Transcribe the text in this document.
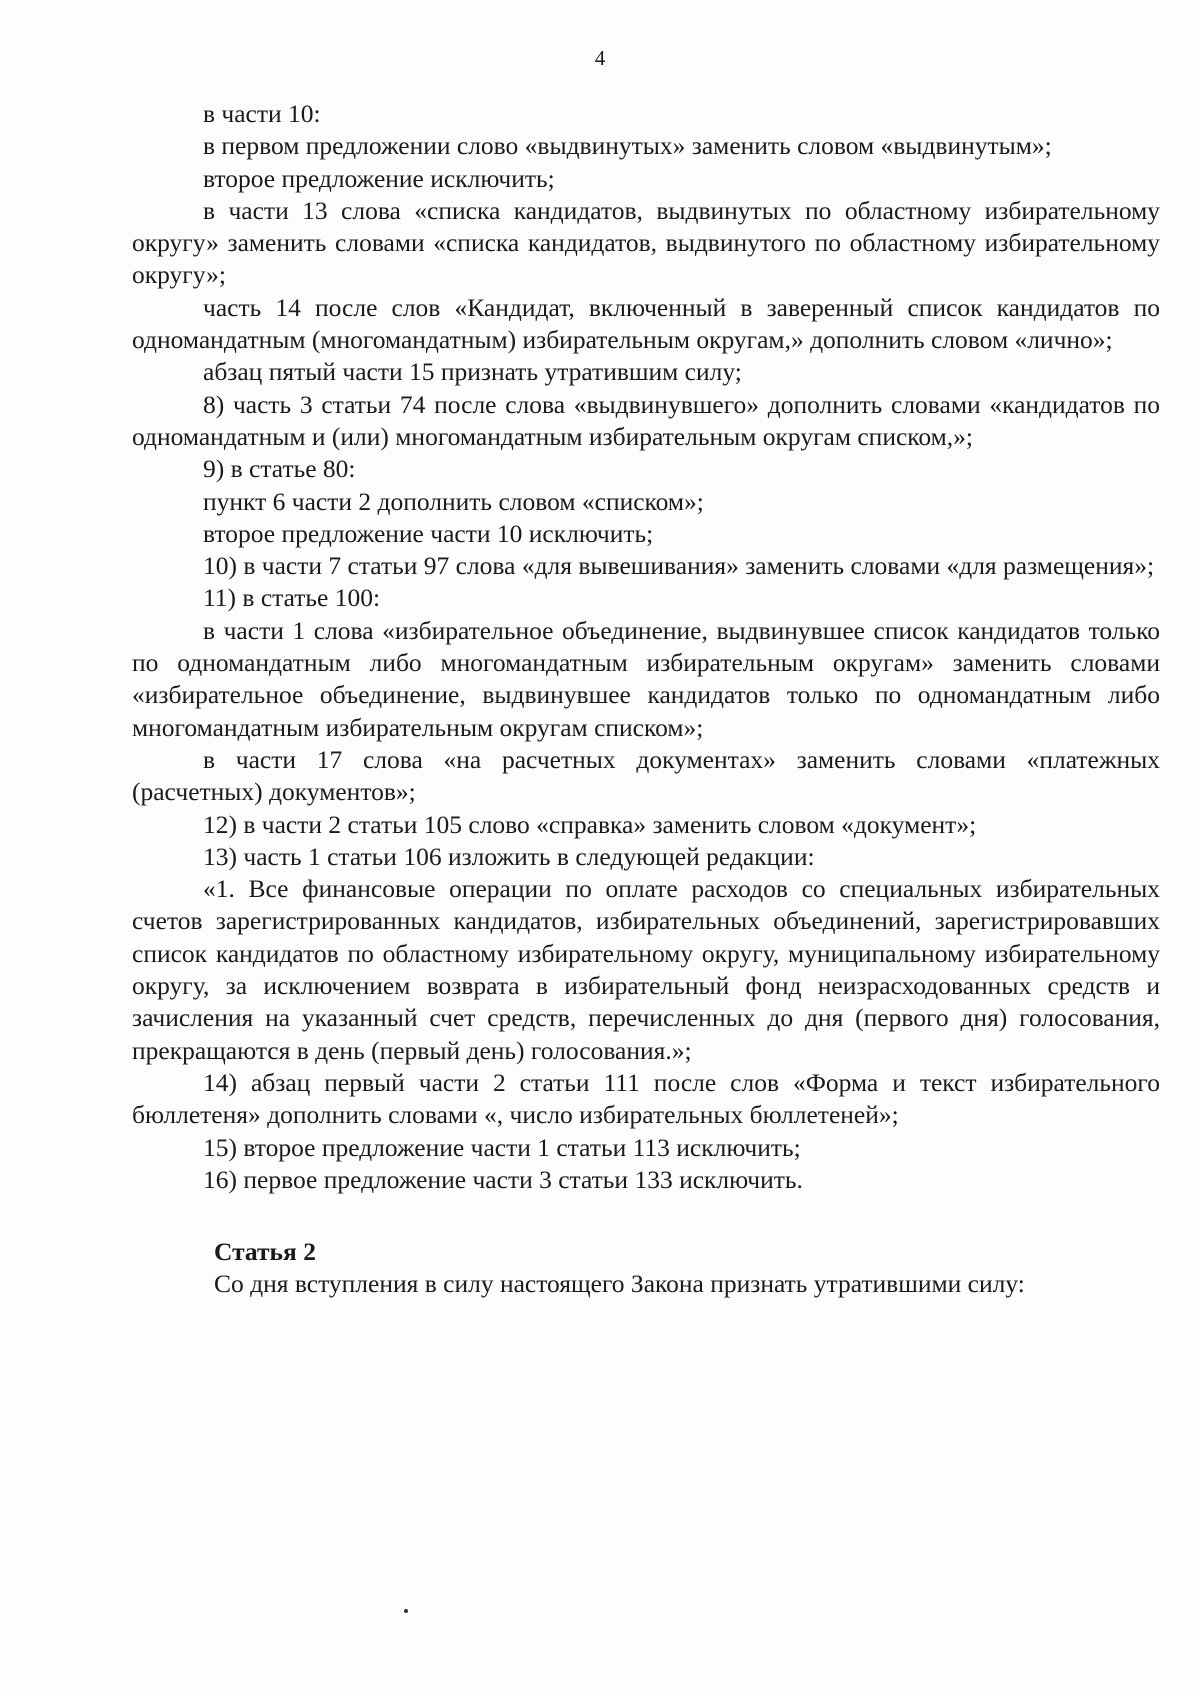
4

в части 10:

в первом предложении слово «выдвинутых» заменить словом «выдвинутым»;

второе предложение исключить;

в части 13 слова «списка кандидатов, выдвинутых по областному избирательному округу» заменить словами «списка кандидатов, выдвинутого по областному избирательному округу»;

часть 14 после слов «Кандидат, включенный в заверенный список кандидатов по одномандатным (многомандатным) избирательным округам,» дополнить словом «лично»;

абзац пятый части 15 признать утратившим силу;

8) часть 3 статьи 74 после слова «выдвинувшего» дополнить словами «кандидатов по одномандатным и (или) многомандатным избирательным округам списком,»;

9) в статье 80:

пункт 6 части 2 дополнить словом «списком»;

второе предложение части 10 исключить;

10) в части 7 статьи 97 слова «для вывешивания» заменить словами «для размещения»;

11) в статье 100:

в части 1 слова «избирательное объединение, выдвинувшее список кандидатов только по одномандатным либо многомандатным избирательным округам» заменить словами «избирательное объединение, выдвинувшее кандидатов только по одномандатным либо многомандатным избирательным округам списком»;

в части 17 слова «на расчетных документах» заменить словами «платежных (расчетных) документов»;

12) в части 2 статьи 105 слово «справка» заменить словом «документ»;

13) часть 1 статьи 106 изложить в следующей редакции:

«1. Все финансовые операции по оплате расходов со специальных избирательных счетов зарегистрированных кандидатов, избирательных объединений, зарегистрировавших список кандидатов по областному избирательному округу, муниципальному избирательному округу, за исключением возврата в избирательный фонд неизрасходованных средств и зачисления на указанный счет средств, перечисленных до дня (первого дня) голосования, прекращаются в день (первый день) голосования.»;

14) абзац первый части 2 статьи 111 после слов «Форма и текст избирательного бюллетеня» дополнить словами «, число избирательных бюллетеней»;

15) второе предложение части 1 статьи 113 исключить;

16) первое предложение части 3 статьи 133 исключить.

Статья 2

Со дня вступления в силу настоящего Закона признать утратившими силу:
